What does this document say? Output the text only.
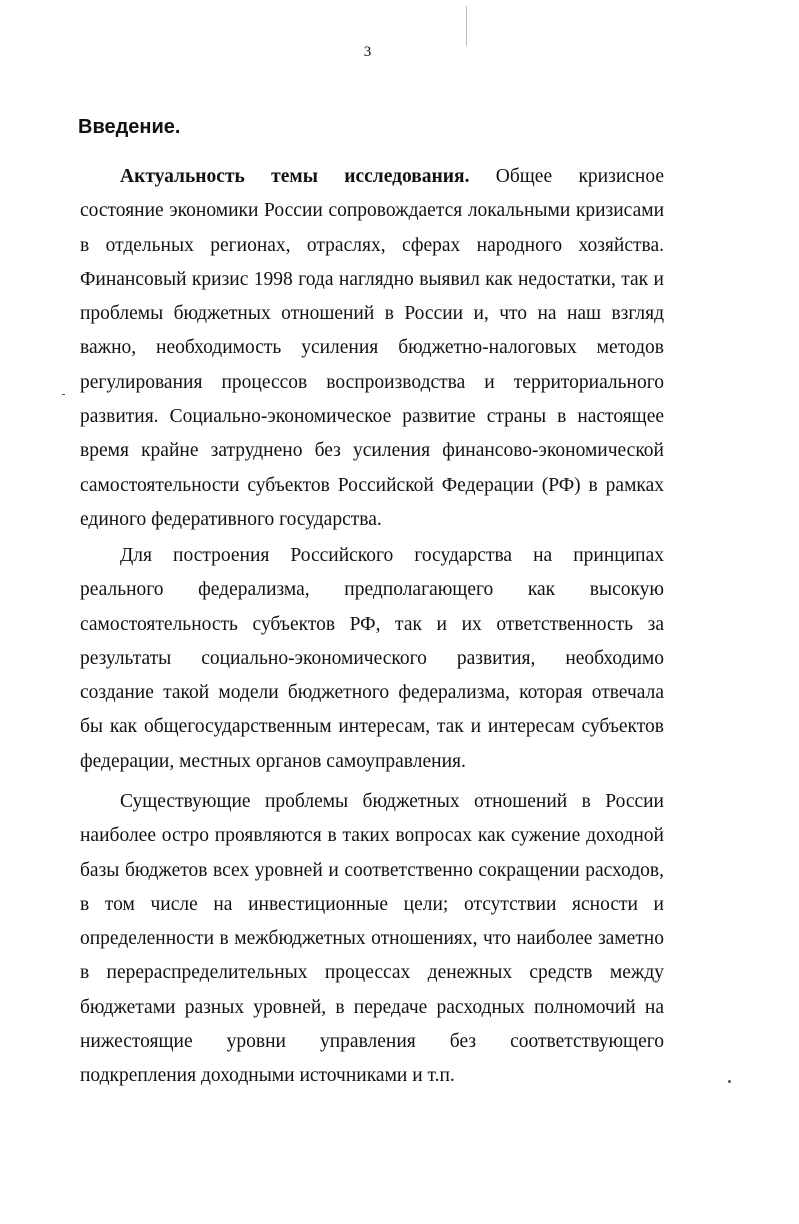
3
Введение.

Актуальность темы исследования. Общее кризисное состояние экономики России сопровождается локальными кризисами в отдельных регионах, отраслях, сферах народного хозяйства. Финансовый кризис 1998 года наглядно выявил как недостатки, так и проблемы бюджетных отношений в России и, что на наш взгляд важно, необходимость усиления бюджетно-налоговых методов регулирования процессов воспроизводства и территориального развития. Социально-экономическое развитие страны в настоящее время крайне затруднено без усиления финансово-экономической самостоятельности субъектов Российской Федерации (РФ) в рамках единого федеративного государства.

Для построения Российского государства на принципах реального федерализма, предполагающего как высокую самостоятельность субъектов РФ, так и их ответственность за результаты социально-экономического развития, необходимо создание такой модели бюджетного федерализма, которая отвечала бы как общегосударственным интересам, так и интересам субъектов федерации, местных органов самоуправления.

Существующие проблемы бюджетных отношений в России наиболее остро проявляются в таких вопросах как сужение доходной базы бюджетов всех уровней и соответственно сокращении расходов, в том числе на инвестиционные цели; отсутствии ясности и определенности в межбюджетных отношениях, что наиболее заметно в перераспределительных процессах денежных средств между бюджетами разных уровней, в передаче расходных полномочий на нижестоящие уровни управления без соответствующего подкрепления доходными источниками и т.п.
